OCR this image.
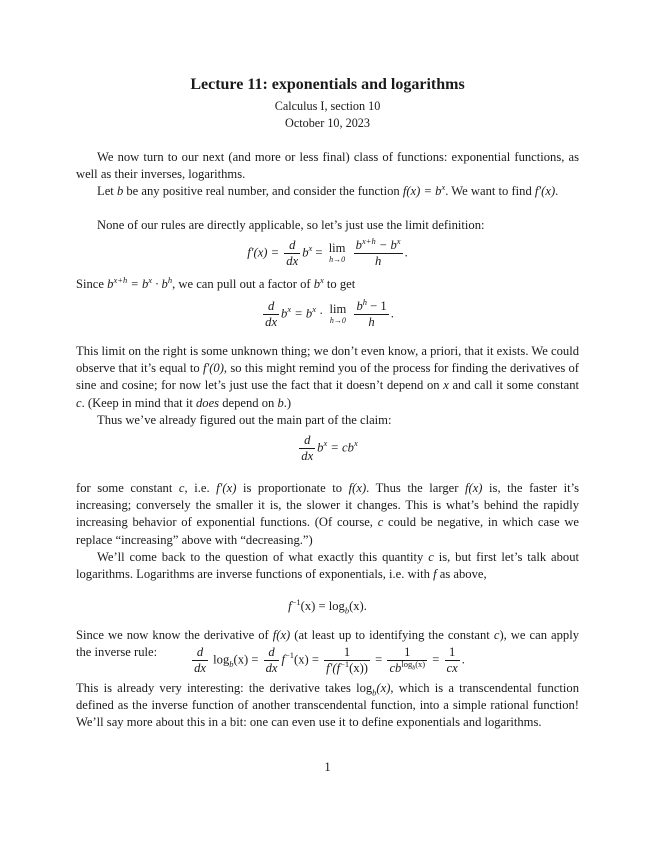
Lecture 11: exponentials and logarithms
Calculus I, section 10
October 10, 2023
We now turn to our next (and more or less final) class of functions: exponential functions, as well as their inverses, logarithms.
Let b be any positive real number, and consider the function $f(x) = b^x$. We want to find f′(x).
None of our rules are directly applicable, so let’s just use the limit definition:
$f'(x) = \frac{d}{dx} b^x = \lim$
h→0
$\frac{b^{x+h} - b^x}{h}$ .
Since $b^{x+h} = b^x \cdot b^h$, we can pull out a factor of $b^x$ to get
$\frac{d}{dx} b^x = b^x \cdot \lim$
h→0
$\frac{b^h - 1}{h}$ .
This limit on the right is some unknown thing; we don’t even know, a priori, that it exists. We could observe that it’s equal to f′(0), so this might remind you of the process for finding the derivatives of sine and cosine; for now let’s just use the fact that it doesn’t depend on x and call it some constant c. (Keep in mind that it does depend on b.)
Thus we’ve already figured out the main part of the claim:
$\frac{d}{dx} b^x = cb^x$
for some constant c, i.e. f′(x) is proportionate to f(x). Thus the larger f(x) is, the faster it’s increasing; conversely the smaller it is, the slower it changes. This is what’s behind the rapidly increasing behavior of exponential functions. (Of course, c could be negative, in which case we replace “increasing” above with “decreasing.”)
We’ll come back to the question of what exactly this quantity c is, but first let’s talk about logarithms. Logarithms are inverse functions of exponentials, i.e. with f as above,
$f^{-1}(x) = \log_b(x)$.
Since we now know the derivative of f(x) (at least up to identifying the constant c), we can apply the inverse rule:	$\frac{d}{dx} \log_b(x) = \frac{d}{dx} f^{-1}(x) = \frac{1}{f'(f^{-1}(x))} = \frac{1}{cb^{log_b(x)}} = \frac{1}{cx}$ .
This is already very interesting: the derivative takes $\log_b(x)$, which is a transcendental function defined as the inverse function of another transcendental function, into a simple rational function! We’ll say more about this in a bit: one can even use it to define exponentials and logarithms.
1
